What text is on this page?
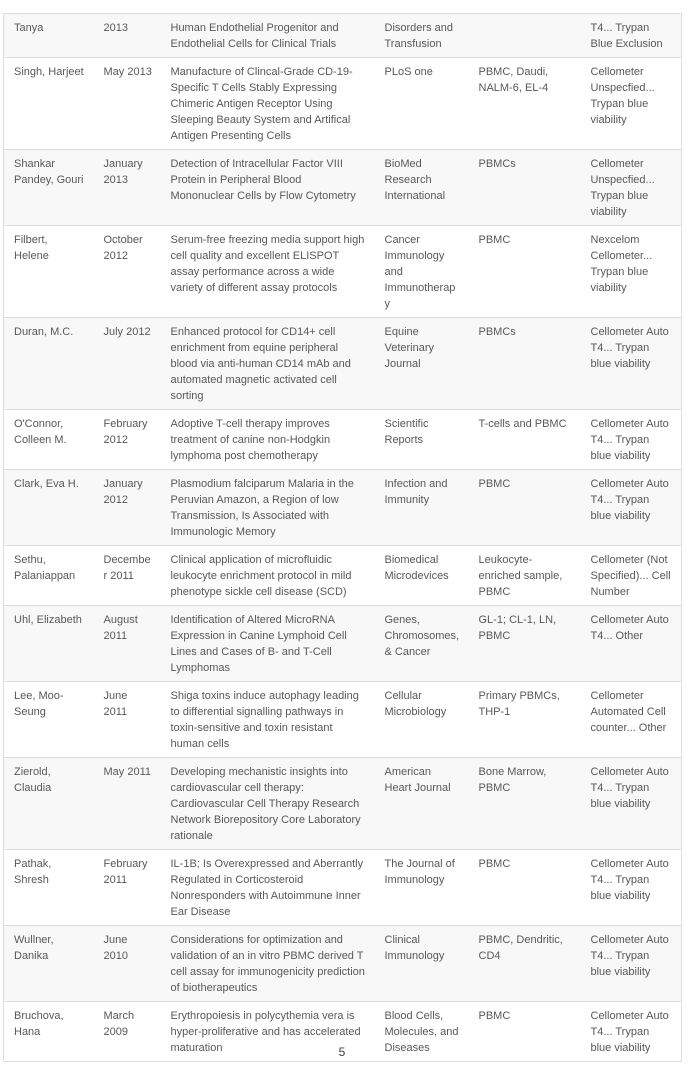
Tanya	2013	Human Endothelial Progenitor and Endothelial Cells for Clinical Trials	Disorders and Transfusion		T4... Trypan Blue Exclusion
Singh, Harjeet	May 2013	Manufacture of Clincal-Grade CD-19-Specific T Cells Stably Expressing Chimeric Antigen Receptor Using Sleeping Beauty System and Artifical Antigen Presenting Cells	PLoS one	PBMC, Daudi, NALM-6, EL-4	Cellometer Unspecfied... Trypan blue viability
Shankar Pandey, Gouri	January 2013	Detection of Intracellular Factor VIII Protein in Peripheral Blood Mononuclear Cells by Flow Cytometry	BioMed Research International	PBMCs	Cellometer Unspecfied... Trypan blue viability
Filbert, Helene	October 2012	Serum-free freezing media support high cell quality and excellent ELISPOT assay performance across a wide variety of different assay protocols	Cancer Immunology and Immunotherapy	PBMC	Nexcelom Cellometer... Trypan blue viability
Duran, M.C.	July 2012	Enhanced protocol for CD14+ cell enrichment from equine peripheral blood via anti-human CD14 mAb and automated magnetic activated cell sorting	Equine Veterinary Journal	PBMCs	Cellometer Auto T4... Trypan blue viability
O'Connor, Colleen M.	February 2012	Adoptive T-cell therapy improves treatment of canine non-Hodgkin lymphoma post chemotherapy	Scientific Reports	T-cells and PBMC	Cellometer Auto T4... Trypan blue viability
Clark, Eva H.	January 2012	Plasmodium falciparum Malaria in the Peruvian Amazon, a Region of low Transmission, Is Associated with Immunologic Memory	Infection and Immunity	PBMC	Cellometer Auto T4... Trypan blue viability
Sethu, Palaniappan	December 2011	Clinical application of microfluidic leukocyte enrichment protocol in mild phenotype sickle cell disease (SCD)	Biomedical Microdevices	Leukocyte-enriched sample, PBMC	Cellometer (Not Specified)... Cell Number
Uhl, Elizabeth	August 2011	Identification of Altered MicroRNA Expression in Canine Lymphoid Cell Lines and Cases of B- and T-Cell Lymphomas	Genes, Chromosomes, & Cancer	GL-1; CL-1, LN, PBMC	Cellometer Auto T4... Other
Lee, Moo-Seung	June 2011	Shiga toxins induce autophagy leading to differential signalling pathways in toxin-sensitive and toxin resistant human cells	Cellular Microbiology	Primary PBMCs, THP-1	Cellometer Automated Cell counter... Other
Zierold, Claudia	May 2011	Developing mechanistic insights into cardiovascular cell therapy: Cardiovascular Cell Therapy Research Network Biorepository Core Laboratory rationale	American Heart Journal	Bone Marrow, PBMC	Cellometer Auto T4... Trypan blue viability
Pathak, Shresh	February 2011	IL-1B; Is Overexpressed and Aberrantly Regulated in Corticosteroid Nonresponders with Autoimmune Inner Ear Disease	The Journal of Immunology	PBMC	Cellometer Auto T4... Trypan blue viability
Wullner, Danika	June 2010	Considerations for optimization and validation of an in vitro PBMC derived T cell assay for immunogenicity prediction of biotherapeutics	Clinical Immunology	PBMC, Dendritic, CD4	Cellometer Auto T4... Trypan blue viability
Bruchova, Hana	March 2009	Erythropoiesis in polycythemia vera is hyper-proliferative and has accelerated maturation	Blood Cells, Molecules, and Diseases	PBMC	Cellometer Auto T4... Trypan blue viability
5
